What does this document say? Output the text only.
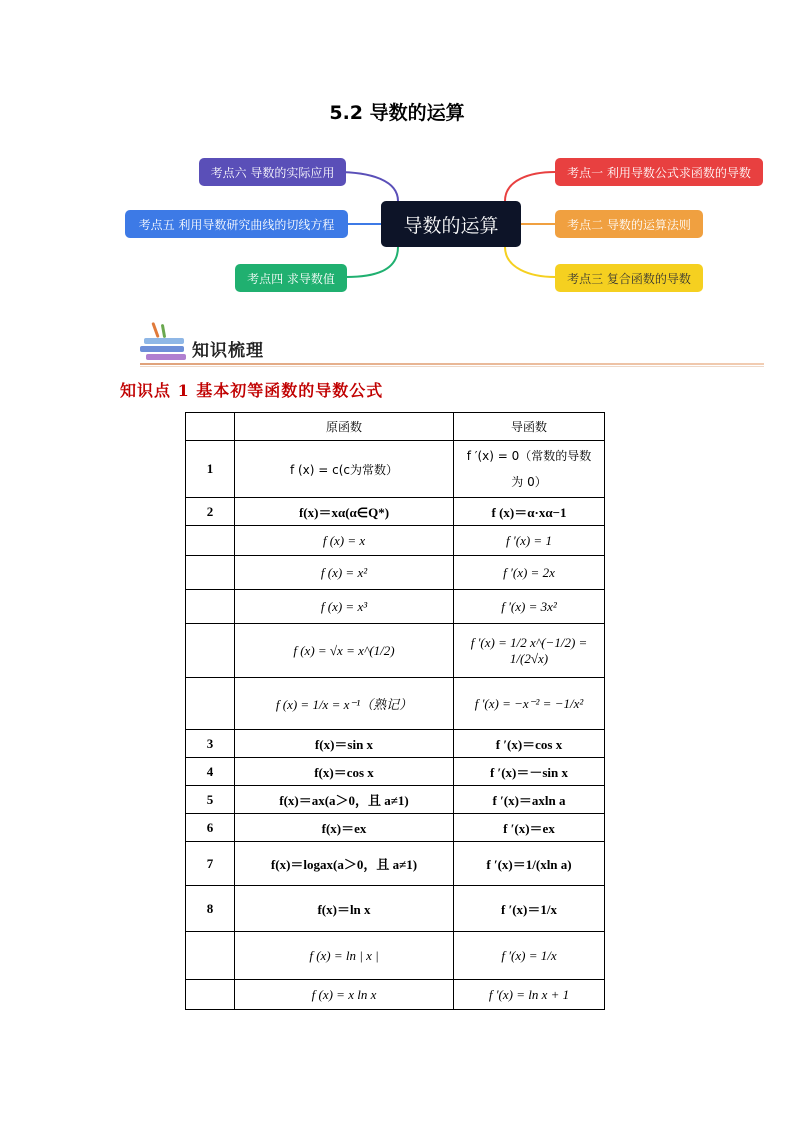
5.2 导数的运算
导数的运算
考点一 利用导数公式求函数的导数
考点二 导数的运算法则
考点三 复合函数的导数
考点四 求导数值
考点五 利用导数研究曲线的切线方程
考点六 导数的实际应用
知识梳理
知识点 1 基本初等函数的导数公式
	原函数	导函数
1	f (x) = c(c为常数）	f ′(x) = 0（常数的导数为 0）
2	f(x)＝xα(α∈Q*)	f (x)＝α·xα−1
	f (x) = x	f ′(x) = 1
	f (x) = x²	f ′(x) = 2x
	f (x) = x³	f ′(x) = 3x²
	f (x) = √x = x^(1/2)	f ′(x) = 1/2 x^(−1/2) = 1/(2√x)
	f (x) = 1/x = x⁻¹（熟记）	f ′(x) = −x⁻² = −1/x²
3	f(x)＝sin x	f ′(x)＝cos x
4	f(x)＝cos x	f ′(x)＝－sin x
5	f(x)＝ax(a＞0，且 a≠1)	f ′(x)＝axln a
6	f(x)＝ex	f ′(x)＝ex
7	f(x)＝logax(a＞0，且 a≠1)	f ′(x)＝1/(xln a)
8	f(x)＝ln x	f ′(x)＝1/x
	f (x) = ln | x |	f ′(x) = 1/x
	f (x) = x ln x	f ′(x) = ln x + 1
